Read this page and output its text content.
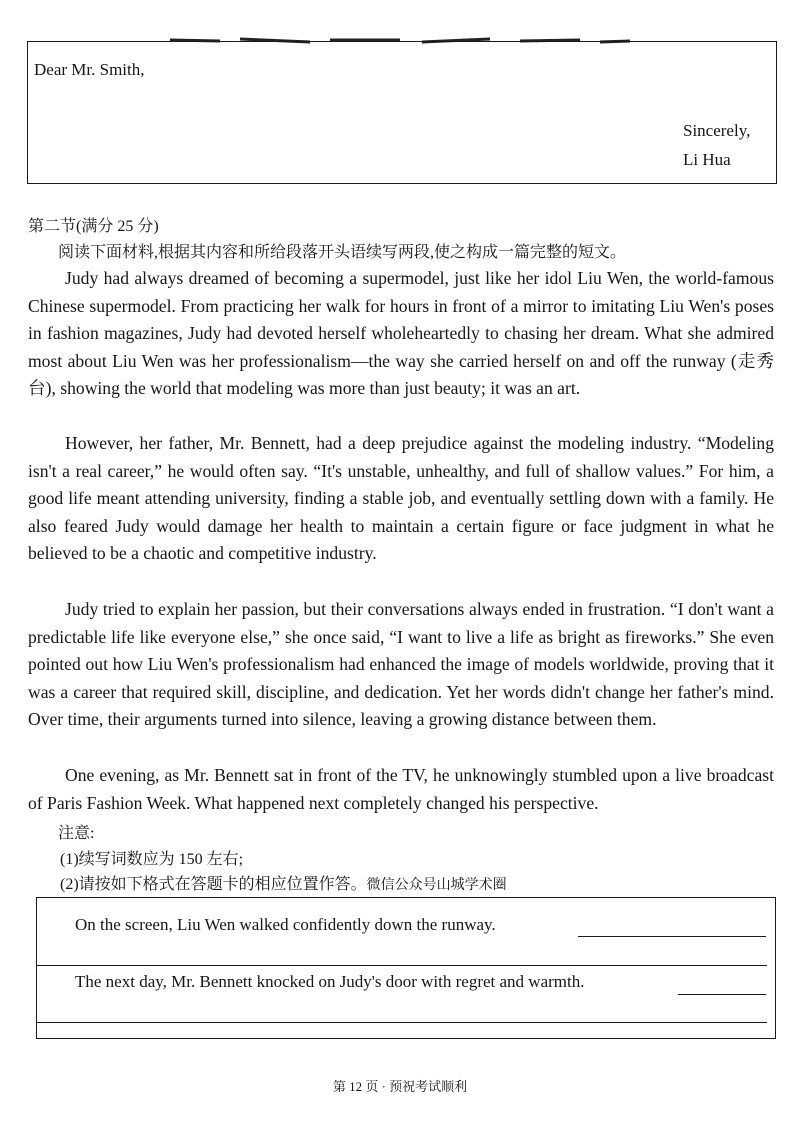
Dear Mr. Smith,
Sincerely,
Li Hua
第二节(满分 25 分)
阅读下面材料,根据其内容和所给段落开头语续写两段,使之构成一篇完整的短文。
Judy had always dreamed of becoming a supermodel, just like her idol Liu Wen, the world-famous Chinese supermodel. From practicing her walk for hours in front of a mirror to imitating Liu Wen's poses in fashion magazines, Judy had devoted herself wholeheartedly to chasing her dream. What she admired most about Liu Wen was her professionalism—the way she carried herself on and off the runway (走秀台), showing the world that modeling was more than just beauty; it was an art.
However, her father, Mr. Bennett, had a deep prejudice against the modeling industry. “Modeling isn't a real career,” he would often say. “It's unstable, unhealthy, and full of shallow values.” For him, a good life meant attending university, finding a stable job, and eventually settling down with a family. He also feared Judy would damage her health to maintain a certain figure or face judgment in what he believed to be a chaotic and competitive industry.
Judy tried to explain her passion, but their conversations always ended in frustration. “I don't want a predictable life like everyone else,” she once said, “I want to live a life as bright as fireworks.” She even pointed out how Liu Wen's professionalism had enhanced the image of models worldwide, proving that it was a career that required skill, discipline, and dedication. Yet her words didn't change her father's mind. Over time, their arguments turned into silence, leaving a growing distance between them.
One evening, as Mr. Bennett sat in front of the TV, he unknowingly stumbled upon a live broadcast of Paris Fashion Week. What happened next completely changed his perspective.
注意:
(1)续写词数应为 150 左右;
(2)请按如下格式在答题卡的相应位置作答。微信公众号山城学术圈
On the screen, Liu Wen walked confidently down the runway.
The next day, Mr. Bennett knocked on Judy's door with regret and warmth.
第 12 页 · 预祝考试顺利
